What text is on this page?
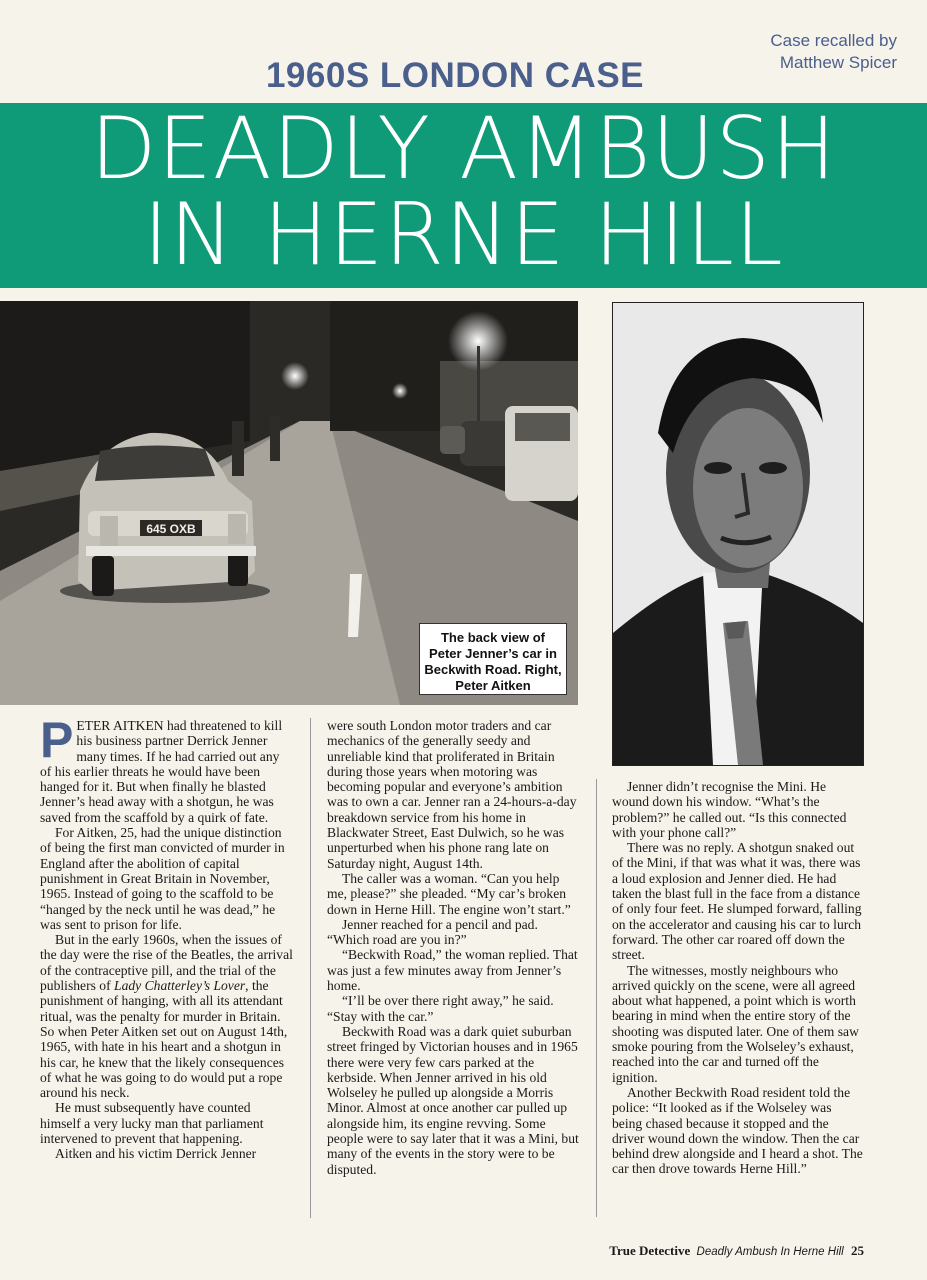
Case recalled by
Matthew Spicer
1960S LONDON CASE
DEADLY AMBUSH
IN HERNE HILL
645 OXB
The back view of Peter Jenner’s car in Beckwith Road. Right, Peter Aitken

PETER AITKEN had threatened to kill his business partner Derrick Jenner many times. If he had carried out any of his earlier threats he would have been hanged for it. But when finally he blasted Jenner’s head away with a shotgun, he was saved from the scaffold by a quirk of fate.

For Aitken, 25, had the unique distinction of being the first man convicted of murder in England after the abolition of capital punishment in Great Britain in November, 1965. Instead of going to the scaffold to be “hanged by the neck until he was dead,” he was sent to prison for life.

But in the early 1960s, when the issues of the day were the rise of the Beatles, the arrival of the contraceptive pill, and the trial of the publishers of Lady Chatterley’s Lover, the punishment of hanging, with all its attendant ritual, was the penalty for murder in Britain. So when Peter Aitken set out on August 14th, 1965, with hate in his heart and a shotgun in his car, he knew that the likely consequences of what he was going to do would put a rope around his neck.

He must subsequently have counted himself a very lucky man that parliament intervened to prevent that happening.

Aitken and his victim Derrick Jenner

were south London motor traders and car mechanics of the generally seedy and unreliable kind that proliferated in Britain during those years when motoring was becoming popular and everyone’s ambition was to own a car. Jenner ran a 24-hours-a-day breakdown service from his home in Blackwater Street, East Dulwich, so he was unperturbed when his phone rang late on Saturday night, August 14th.

The caller was a woman. “Can you help me, please?” she pleaded. “My car’s broken down in Herne Hill. The engine won’t start.”

Jenner reached for a pencil and pad. “Which road are you in?”

“Beckwith Road,” the woman replied. That was just a few minutes away from Jenner’s home.

“I’ll be over there right away,” he said. “Stay with the car.”

Beckwith Road was a dark quiet suburban street fringed by Victorian houses and in 1965 there were very few cars parked at the kerbside. When Jenner arrived in his old Wolseley he pulled up alongside a Morris Minor. Almost at once another car pulled up alongside him, its engine revving. Some people were to say later that it was a Mini, but many of the events in the story were to be disputed.

Jenner didn’t recognise the Mini. He wound down his window. “What’s the problem?” he called out. “Is this connected with your phone call?”

There was no reply. A shotgun snaked out of the Mini, if that was what it was, there was a loud explosion and Jenner died. He had taken the blast full in the face from a distance of only four feet. He slumped forward, falling on the accelerator and causing his car to lurch forward. The other car roared off down the street.

The witnesses, mostly neighbours who arrived quickly on the scene, were all agreed about what happened, a point which is worth bearing in mind when the entire story of the shooting was disputed later. One of them saw smoke pouring from the Wolseley’s exhaust, reached into the car and turned off the ignition.

Another Beckwith Road resident told the police: “It looked as if the Wolseley was being chased because it stopped and the driver wound down the window. Then the car behind drew alongside and I heard a shot. The car then drove towards Herne Hill.”

True Detective Deadly Ambush In Herne Hill 25
